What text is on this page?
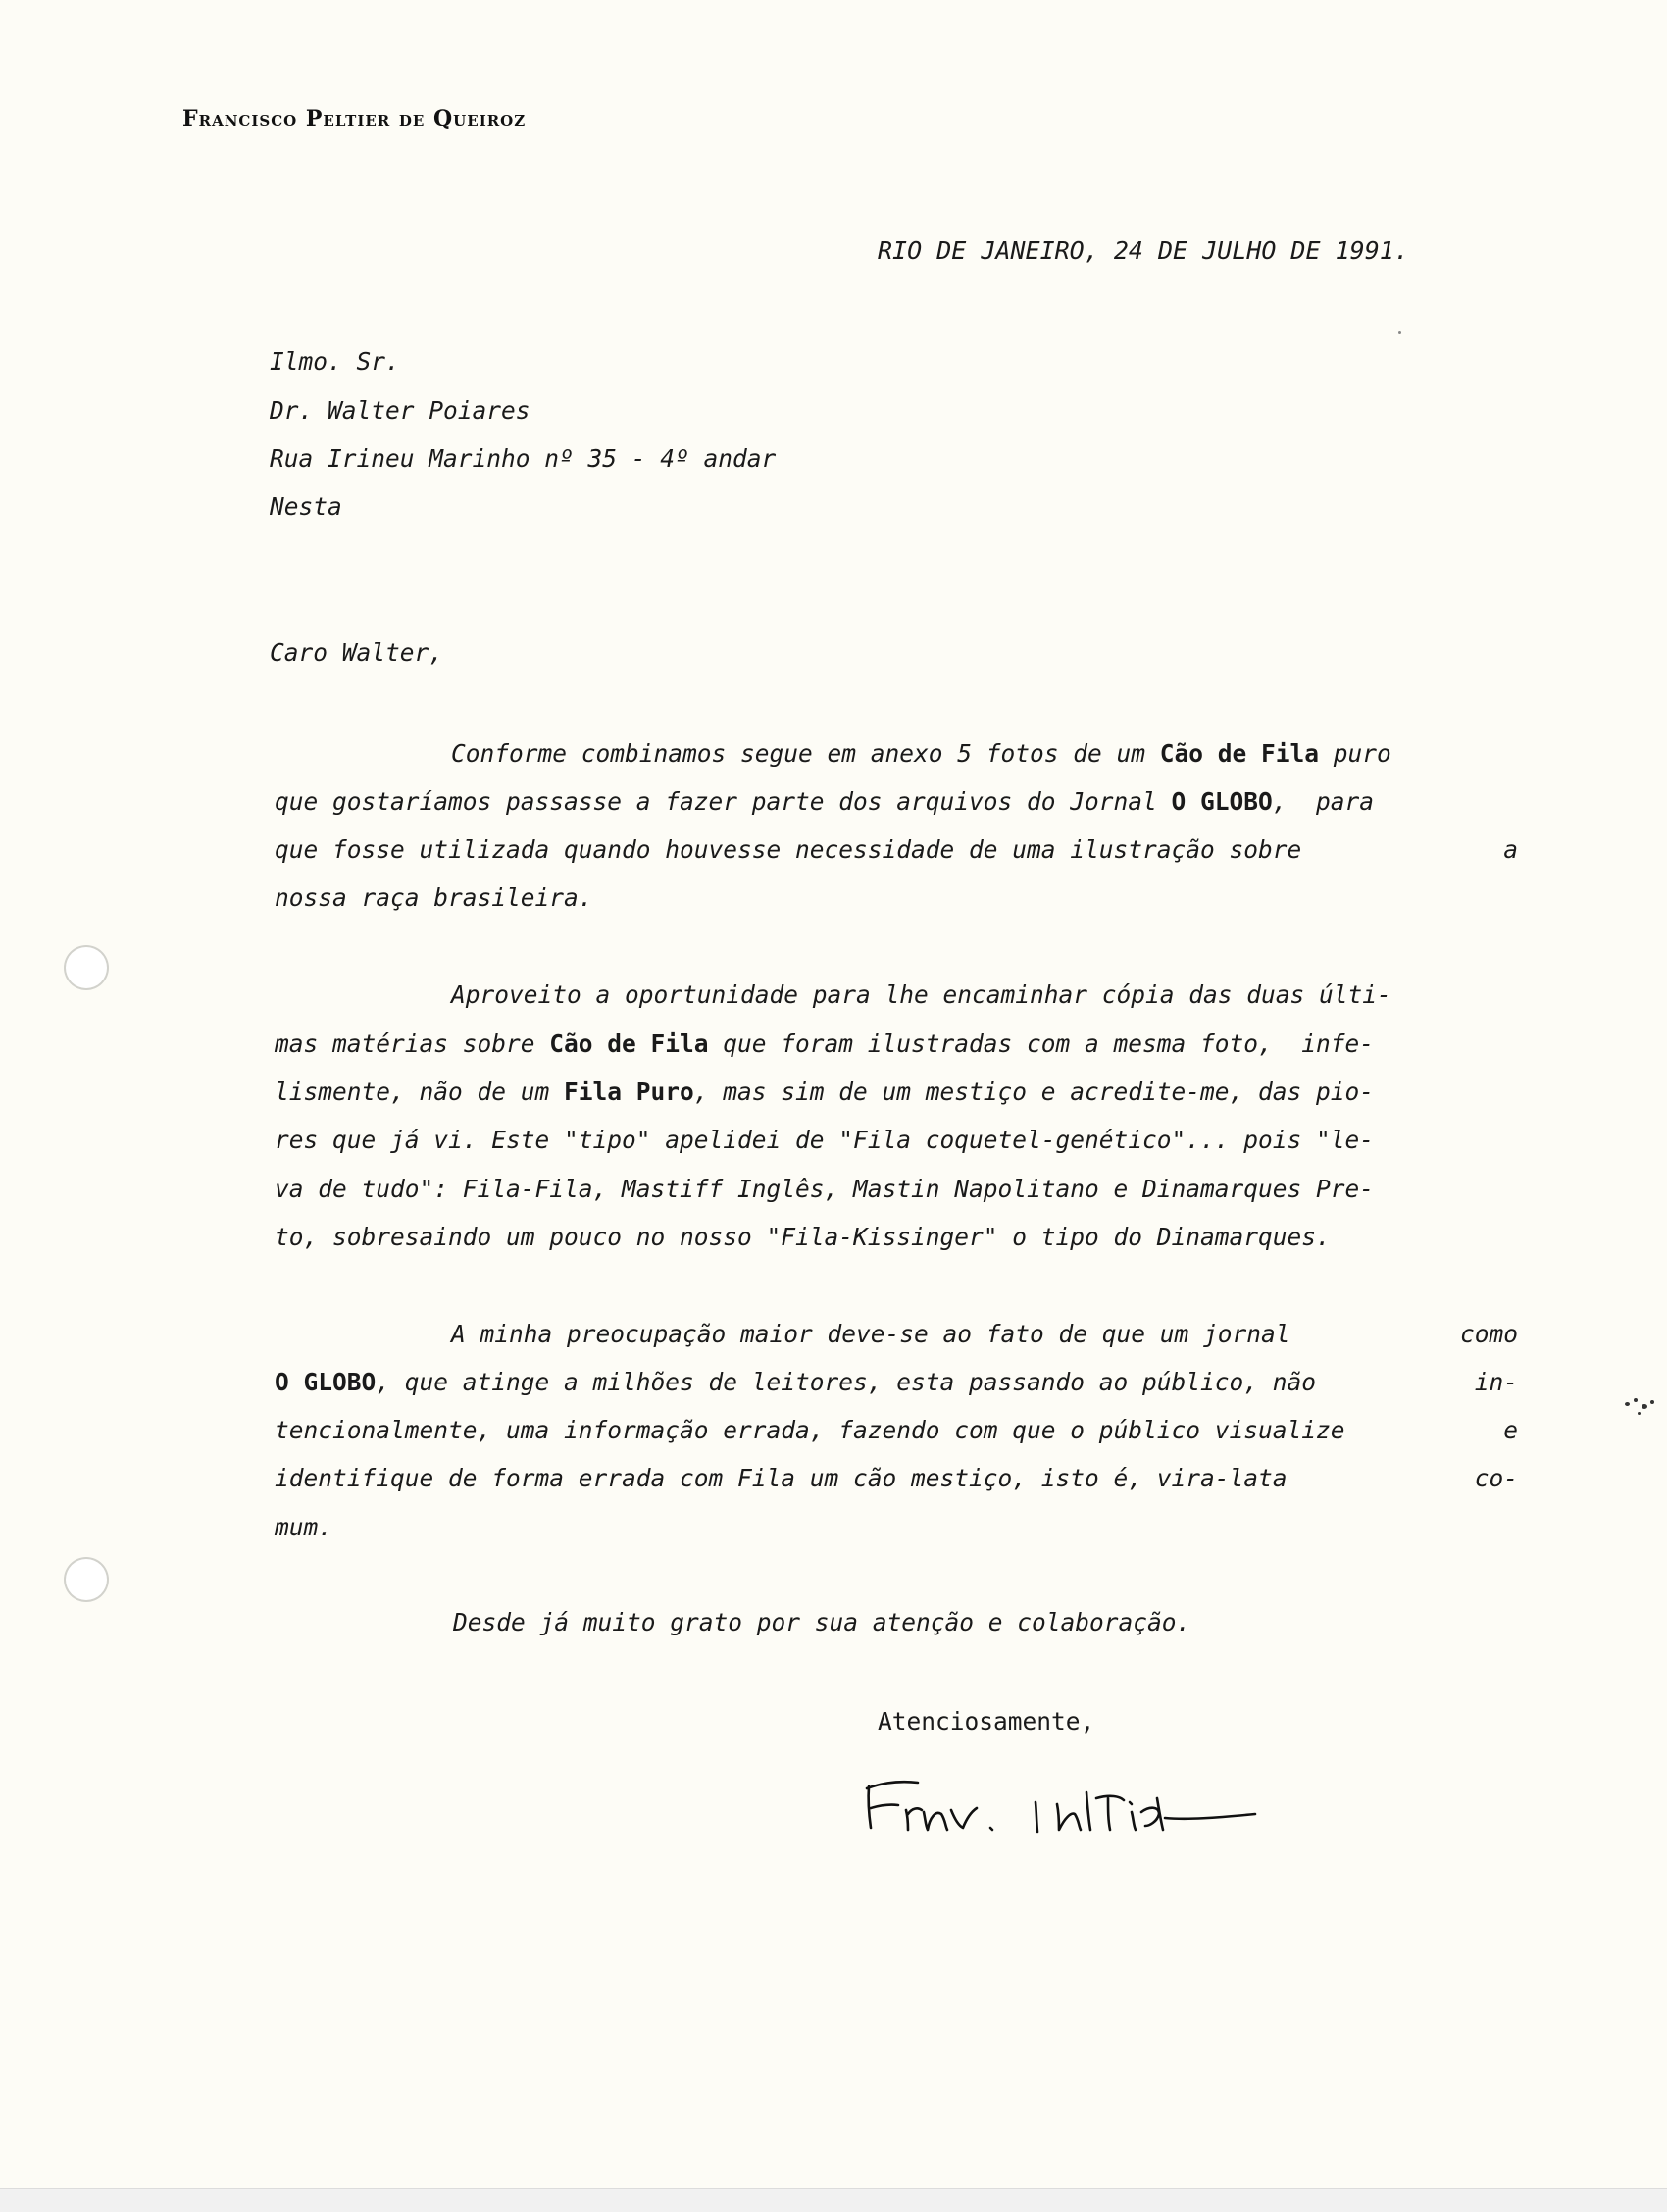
Francisco Peltier de Queiroz
RIO DE JANEIRO, 24 DE JULHO DE 1991.
Ilmo. Sr.
Dr. Walter Poiares
Rua Irineu Marinho nº 35 - 4º andar
Nesta
Caro Walter,
Conforme combinamos segue em anexo 5 fotos de um Cão de Fila puro
que gostaríamos passasse a fazer parte dos arquivos do Jornal O GLOBO,  para
que fosse utilizada quando houvesse necessidade de uma ilustração sobre	a
nossa raça brasileira.
Aproveito a oportunidade para lhe encaminhar cópia das duas últi-
mas matérias sobre Cão de Fila que foram ilustradas com a mesma foto,  infe-
lismente, não de um Fila Puro, mas sim de um mestiço e acredite-me, das pio-
res que já vi. Este "tipo" apelidei de "Fila coquetel-genético"... pois "le-
va de tudo": Fila-Fila, Mastiff Inglês, Mastin Napolitano e Dinamarques Pre-
to, sobresaindo um pouco no nosso "Fila-Kissinger" o tipo do Dinamarques.
A minha preocupação maior deve-se ao fato de que um jornal	como
O GLOBO, que atinge a milhões de leitores, esta passando ao público, não	in-
tencionalmente, uma informação errada, fazendo com que o público visualize	e
identifique de forma errada com Fila um cão mestiço, isto é, vira-lata	co-
mum.
Desde já muito grato por sua atenção e colaboração.
Atenciosamente,
